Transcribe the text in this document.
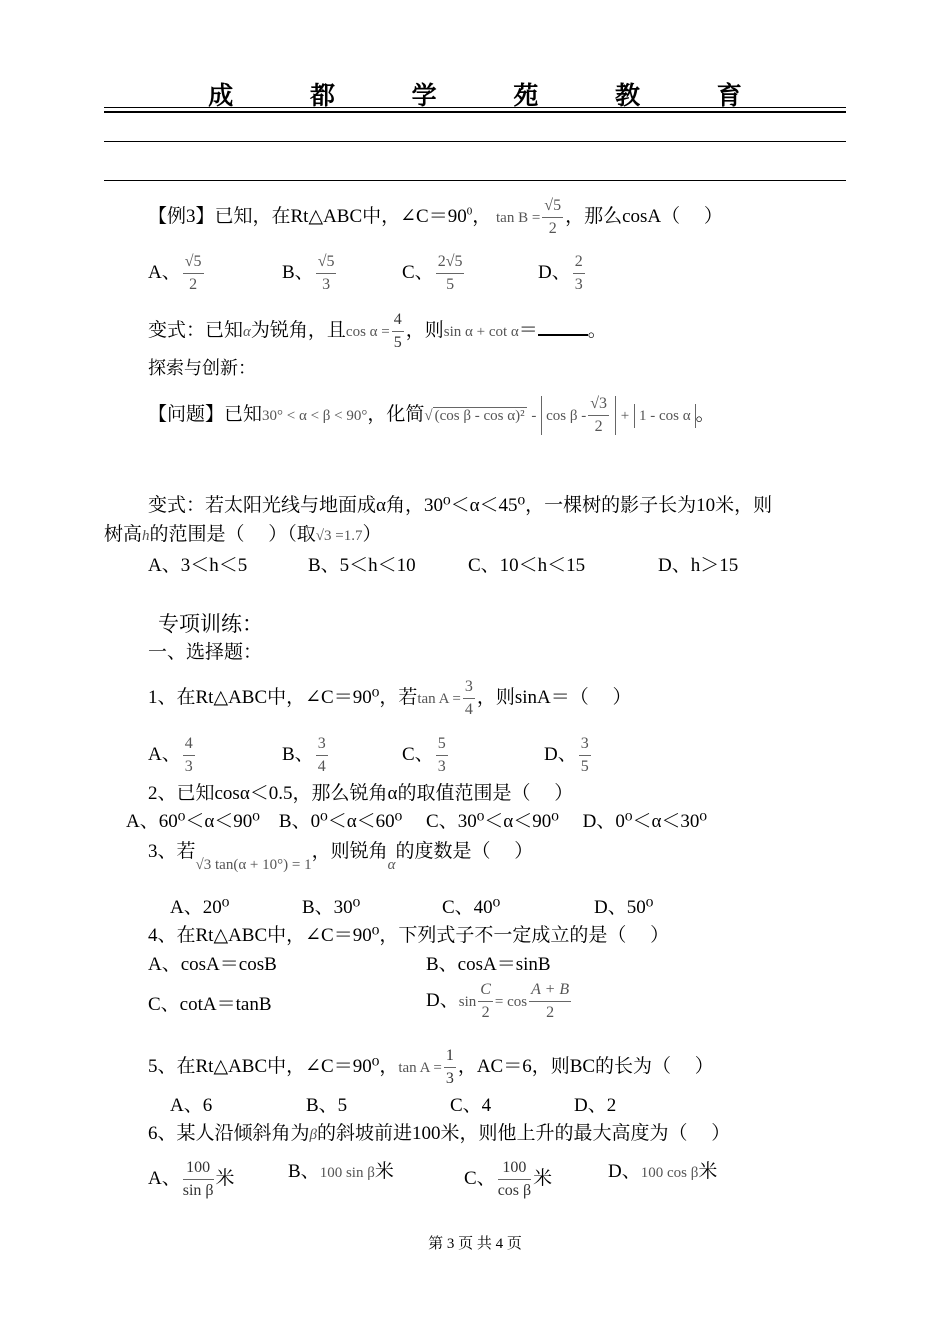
成 都 学 苑 教 育
【例3】已知，在Rt△ABC中，$\angle C=90^0$， $\tan B = \frac{√5}{2}$ ，那么cosA（　 ）
A、 $\frac{√5}{2}$	B、 $\frac{√5}{3}$	C、 $\frac{2√5}{5}$	D、 $\frac{2}{3}$
变式：已知α为锐角，且$\cos \alpha = \frac{4}{5}$ ，则sin α + cot α＝	。
探索与创新：
【问题】已知30° < α < β < 90°，化简√ (cos $\beta - \cos \alpha)^2 - \cos \beta - \frac{√3}{2} + 1 - \cos \alpha$ 。
变式：若太阳光线与地面成α角，30⁰＜α＜45⁰，一棵树的影子长为10米，则
树高h的范围是（　 ）（取√3 =1.7）
A、3＜h＜5	B、5＜h＜10	C、10＜h＜15	D、h＞15
专项训练：
一、选择题：
1、在Rt△ABC中，∠C＝90⁰，若$\tan A = \frac{3}{4}$ ，则sinA＝（　 ）
A、 $\frac{4}{3}$	B、 $\frac{3}{4}$	C、 $\frac{5}{3}$	D、 $\frac{3}{5}$
2、已知cosα＜0.5，那么锐角α的取值范围是（　 ）
A、60⁰＜α＜90⁰　B、0⁰＜α＜60⁰　 C、30⁰＜α＜90⁰　 D、0⁰＜α＜30⁰
3、若$_{√3 tan(\alpha + 10^\circ) = 1}$，则锐角$_\alpha$的度数是（　 ）
A、20⁰	B、30⁰	C、40⁰	D、50⁰
4、在Rt△ABC中，∠C＝90⁰，下列式子不一定成立的是（　 ）
A、cosA＝cosB	B、cosA＝sinB
C、cotA＝tanB	D、$\sin \frac{C}{2} = \cos \frac{A + B}{2}$
5、在Rt△ABC中，∠C＝90⁰，$\tan A = \frac{1}{3}$ ，AC＝6，则BC的长为（　 ）
A、6	B、5	C、4	D、2
6、某人沿倾斜角为β的斜坡前进100米，则他上升的最大高度为（　 ）
A、 $\frac{100}{\text{sin β}}$ 米	B、100 sin β米	C、 $\frac{100}{\text{cos β}}$ 米	D、100 cos β米
第 3 页 共 4 页
